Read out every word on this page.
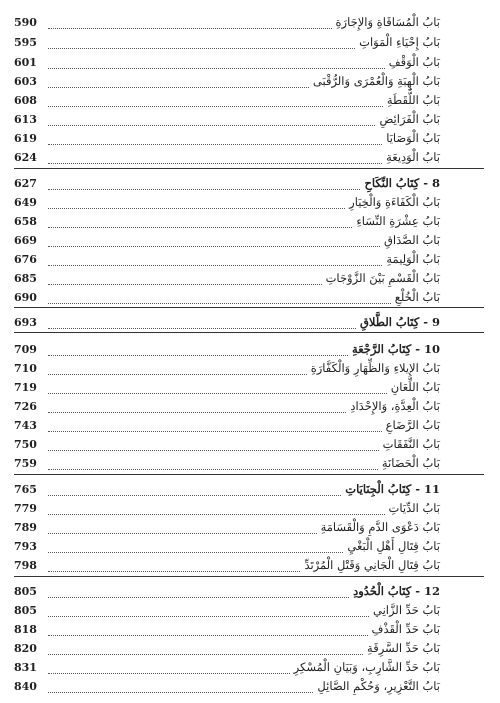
590	بَابُ الْمُسَاقَاةِ وَالإِجَارَةِ
595	بَابُ إِحْيَاءِ الْمَوَاتِ
601	بَابُ الْوَقْفِ
603	بَابُ الْهِبَةِ وَالْعُمْرَى وَالرُّقْبَى
608	بَابُ اللُّقَطَةِ
613	بَابُ الْفَرَائِضِ
619	بَابُ الْوَصَايَا
624	بَابُ الْوَدِيعَةِ
627	8 - كِتَابُ النِّكَاحِ
649	بَابُ الْكَفَاءَةِ وَالْخِيَارِ
658	بَابُ عِشْرَةِ النِّسَاءِ
669	بَابُ الصَّدَاقِ
676	بَابُ الْوَلِيمَةِ
685	بَابُ الْقَسْمِ بَيْنَ الزَّوْجَاتِ
690	بَابُ الْخُلْعِ
693	9 - كِتَابُ الطَّلاقِ
709	10 - كِتَابُ الرَّجْعَةِ
710	بَابُ الإِيلاءِ وَالظِّهَارِ وَالْكَفَّارَةِ
719	بَابُ اللِّعَانِ
726	بَابُ الْعِدَّةِ، وَالإِحْدَادِ
743	بَابُ الرَّضَاعِ
750	بَابُ النَّفَقَاتِ
759	بَابُ الْحَضَانَةِ
765	11 - كِتَابُ الْجِنَايَاتِ
779	بَابُ الدِّيَاتِ
789	بَابُ دَعْوَى الدَّمِ وَالْقَسَامَةِ
793	بَابُ قِتَالِ أَهْلِ الْبَغْيِ
798	بَابُ قِتَالِ الْجَانِي وَقَتْلِ الْمُرْتَدِّ
805	12 - كِتَابُ الْحُدُودِ
805	بَابُ حَدِّ الزَّانِي
818	بَابُ حَدِّ الْقَذْفِ
820	بَابُ حَدِّ السَّرِقَةِ
831	بَابُ حَدِّ الشَّارِبِ، وَبَيَانِ الْمُسْكِرِ
840	بَابُ التَّعْزِيرِ، وَحُكْمِ الصَّائِلِ
